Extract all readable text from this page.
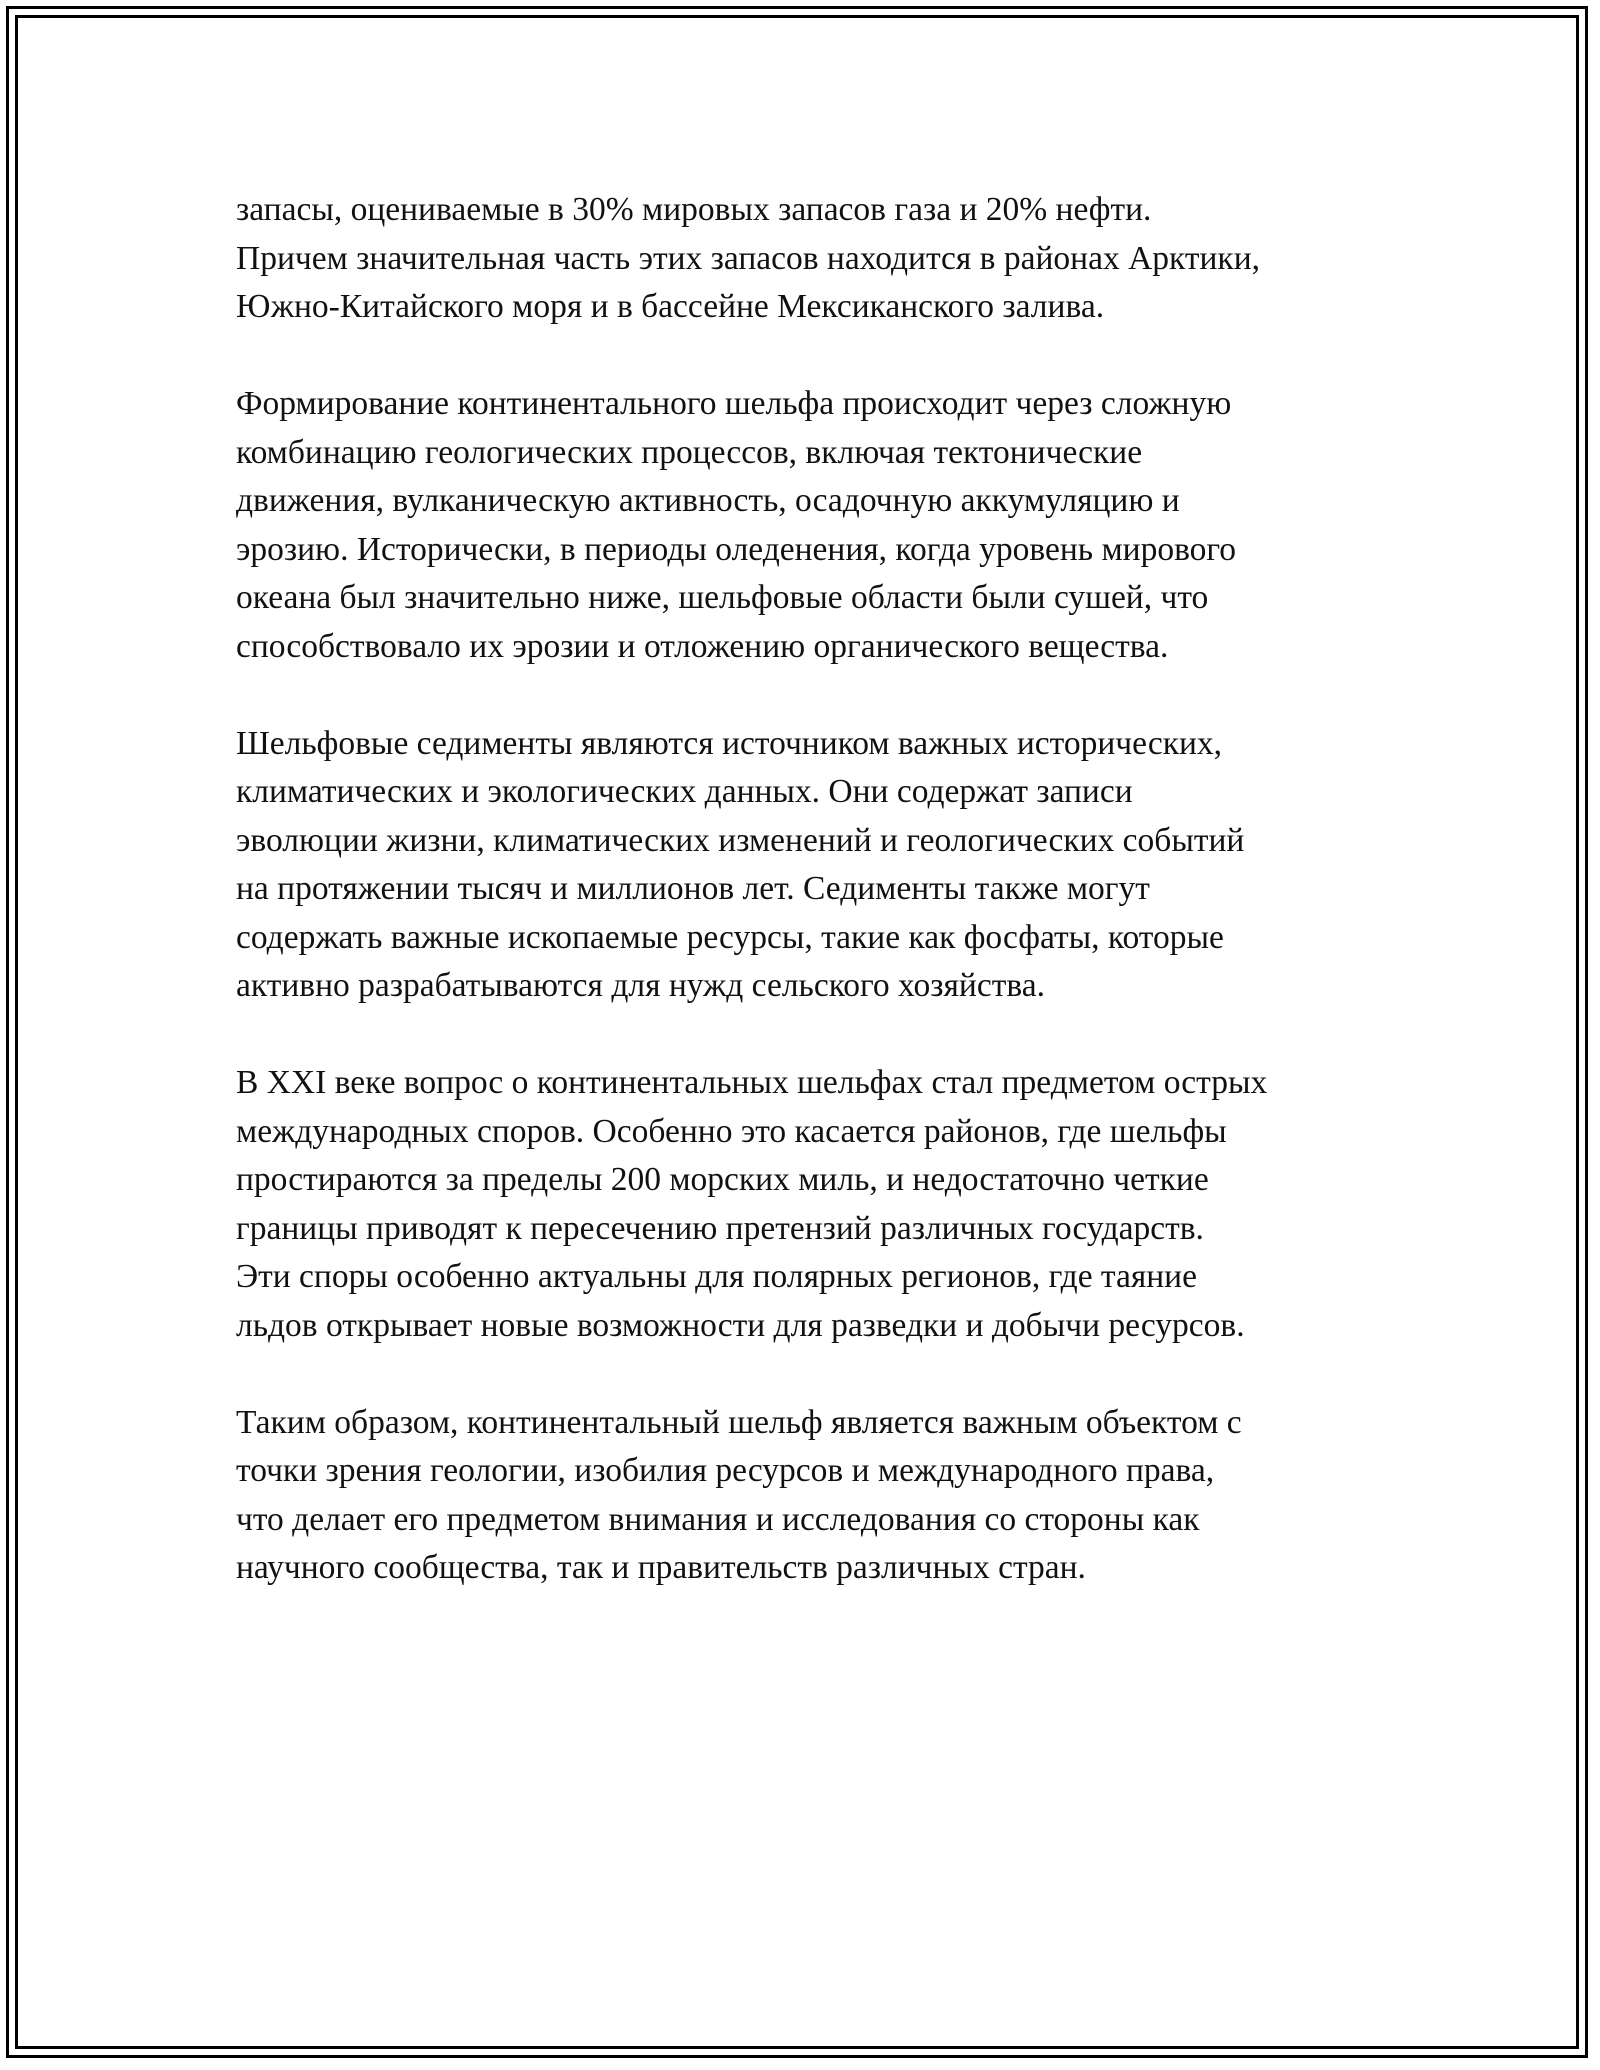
запасы, оцениваемые в 30% мировых запасов газа и 20% нефти.
Причем значительная часть этих запасов находится в районах Арктики,
Южно-Китайского моря и в бассейне Мексиканского залива.

Формирование континентального шельфа происходит через сложную
комбинацию геологических процессов, включая тектонические
движения, вулканическую активность, осадочную аккумуляцию и
эрозию. Исторически, в периоды оледенения, когда уровень мирового
океана был значительно ниже, шельфовые области были сушей, что
способствовало их эрозии и отложению органического вещества.

Шельфовые седименты являются источником важных исторических,
климатических и экологических данных. Они содержат записи
эволюции жизни, климатических изменений и геологических событий
на протяжении тысяч и миллионов лет. Седименты также могут
содержать важные ископаемые ресурсы, такие как фосфаты, которые
активно разрабатываются для нужд сельского хозяйства.

В XXI веке вопрос о континентальных шельфах стал предметом острых
международных споров. Особенно это касается районов, где шельфы
простираются за пределы 200 морских миль, и недостаточно четкие
границы приводят к пересечению претензий различных государств.
Эти споры особенно актуальны для полярных регионов, где таяние
льдов открывает новые возможности для разведки и добычи ресурсов.

Таким образом, континентальный шельф является важным объектом с
точки зрения геологии, изобилия ресурсов и международного права,
что делает его предметом внимания и исследования со стороны как
научного сообщества, так и правительств различных стран.
